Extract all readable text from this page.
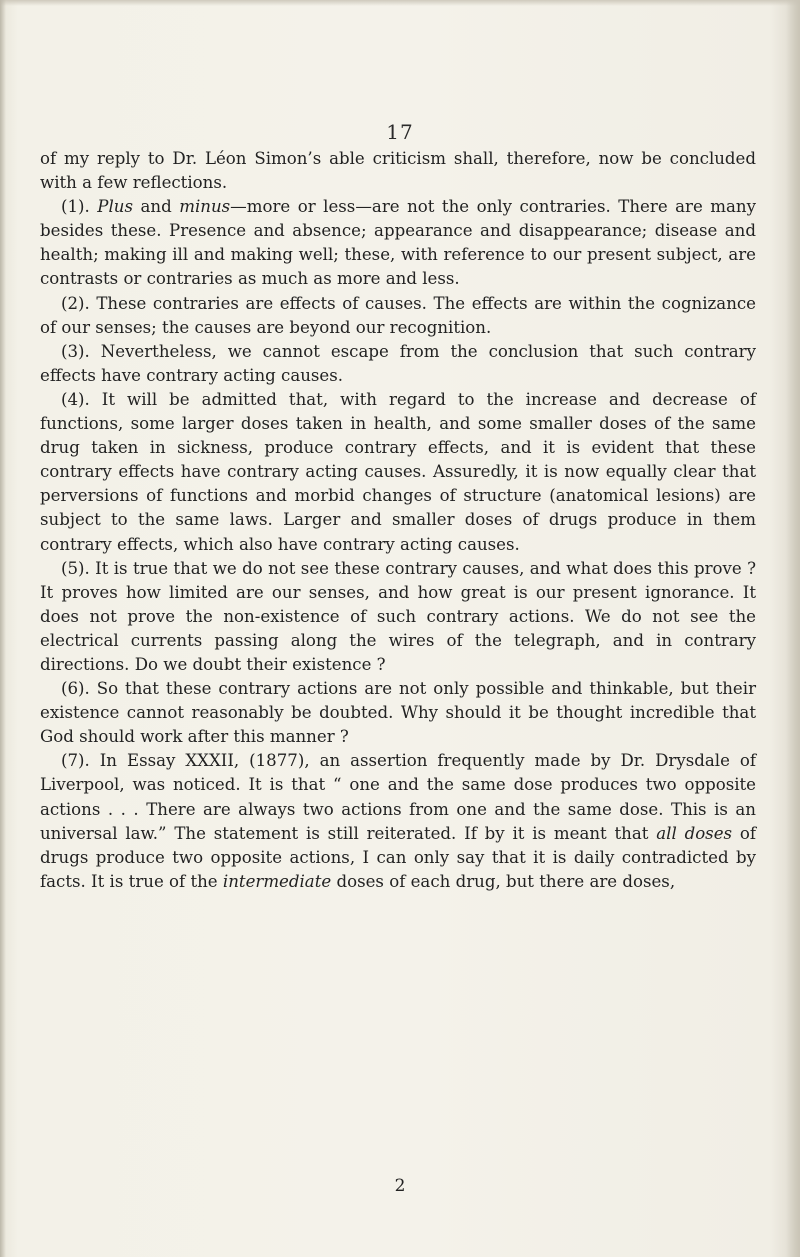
17

of my reply to Dr. Léon Simon’s able criticism shall, therefore, now be concluded with a few reflections.

(1). Plus and minus—more or less—are not the only contraries. There are many besides these. Presence and absence; appearance and disappearance; disease and health; making ill and making well; these, with reference to our present subject, are contrasts or contraries as much as more and less.

(2). These contraries are effects of causes. The effects are within the cognizance of our senses; the causes are beyond our recognition.

(3). Nevertheless, we cannot escape from the conclusion that such contrary effects have contrary acting causes.

(4). It will be admitted that, with regard to the increase and decrease of functions, some larger doses taken in health, and some smaller doses of the same drug taken in sickness, produce contrary effects, and it is evident that these contrary effects have contrary acting causes. Assuredly, it is now equally clear that perversions of functions and morbid changes of structure (anatomical lesions) are subject to the same laws. Larger and smaller doses of drugs produce in them contrary effects, which also have contrary acting causes.

(5). It is true that we do not see these contrary causes, and what does this prove ? It proves how limited are our senses, and how great is our present ignorance. It does not prove the non-existence of such contrary actions. We do not see the electrical currents passing along the wires of the telegraph, and in contrary directions. Do we doubt their existence ?

(6). So that these contrary actions are not only possible and thinkable, but their existence cannot reasonably be doubted. Why should it be thought incredible that God should work after this manner ?

(7). In Essay XXXII, (1877), an assertion frequently made by Dr. Drysdale of Liverpool, was noticed. It is that “ one and the same dose produces two opposite actions . . . There are always two actions from one and the same dose. This is an universal law.” The statement is still reiterated. If by it is meant that all doses of drugs produce two opposite actions, I can only say that it is daily contradicted by facts. It is true of the intermediate doses of each drug, but there are doses,

2
